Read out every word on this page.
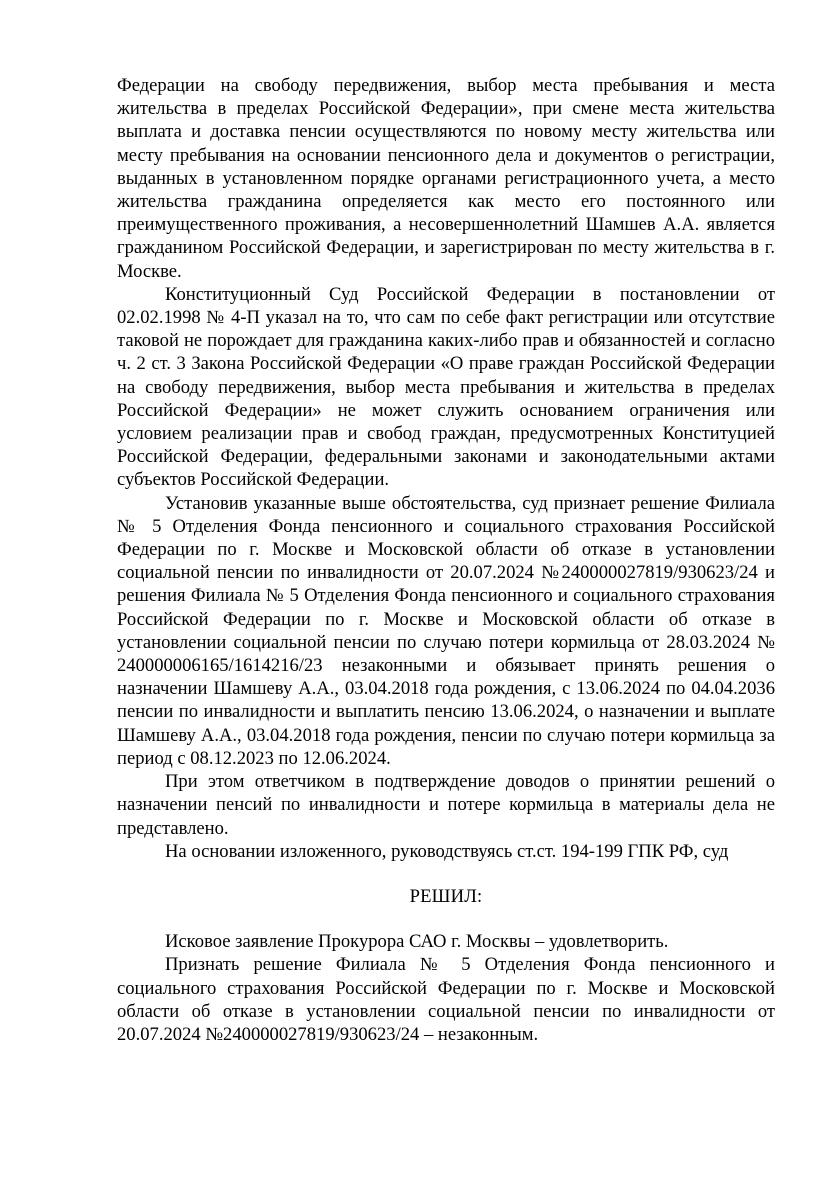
Федерации на свободу передвижения, выбор места пребывания и места жительства в пределах Российской Федерации», при смене места жительства выплата и доставка пенсии осуществляются по новому месту жительства или месту пребывания на основании пенсионного дела и документов о регистрации, выданных в установленном порядке органами регистрационного учета, а место жительства гражданина определяется как место его постоянного или преимущественного проживания, а несовершеннолетний Шамшев А.А. является гражданином Российской Федерации, и зарегистрирован по месту жительства в г. Москве.

Конституционный Суд Российской Федерации в постановлении от 02.02.1998 № 4-П указал на то, что сам по себе факт регистрации или отсутствие таковой не порождает для гражданина каких-либо прав и обязанностей и согласно ч. 2 ст. 3 Закона Российской Федерации «О праве граждан Российской Федерации на свободу передвижения, выбор места пребывания и жительства в пределах Российской Федерации» не может служить основанием ограничения или условием реализации прав и свобод граждан, предусмотренных Конституцией Российской Федерации, федеральными законами и законодательными актами субъектов Российской Федерации.

Установив указанные выше обстоятельства, суд признает решение Филиала № 5 Отделения Фонда пенсионного и социального страхования Российской Федерации по г. Москве и Московской области об отказе в установлении социальной пенсии по инвалидности от 20.07.2024 №240000027819/930623/24 и решения Филиала № 5 Отделения Фонда пенсионного и социального страхования Российской Федерации по г. Москве и Московской области об отказе в установлении социальной пенсии по случаю потери кормильца от 28.03.2024 № 240000006165/1614216/23 незаконными и обязывает принять решения о назначении Шамшеву А.А., 03.04.2018 года рождения, с 13.06.2024 по 04.04.2036 пенсии по инвалидности и выплатить пенсию 13.06.2024, о назначении и выплате Шамшеву А.А., 03.04.2018 года рождения, пенсии по случаю потери кормильца за период с 08.12.2023 по 12.06.2024.

При этом ответчиком в подтверждение доводов о принятии решений о назначении пенсий по инвалидности и потере кормильца в материалы дела не представлено.

На основании изложенного, руководствуясь ст.ст. 194-199 ГПК РФ, суд

РЕШИЛ:

Исковое заявление Прокурора САО г. Москвы – удовлетворить.

Признать решение Филиала № 5 Отделения Фонда пенсионного и социального страхования Российской Федерации по г. Москве и Московской области об отказе в установлении социальной пенсии по инвалидности от 20.07.2024 №240000027819/930623/24 – незаконным.
